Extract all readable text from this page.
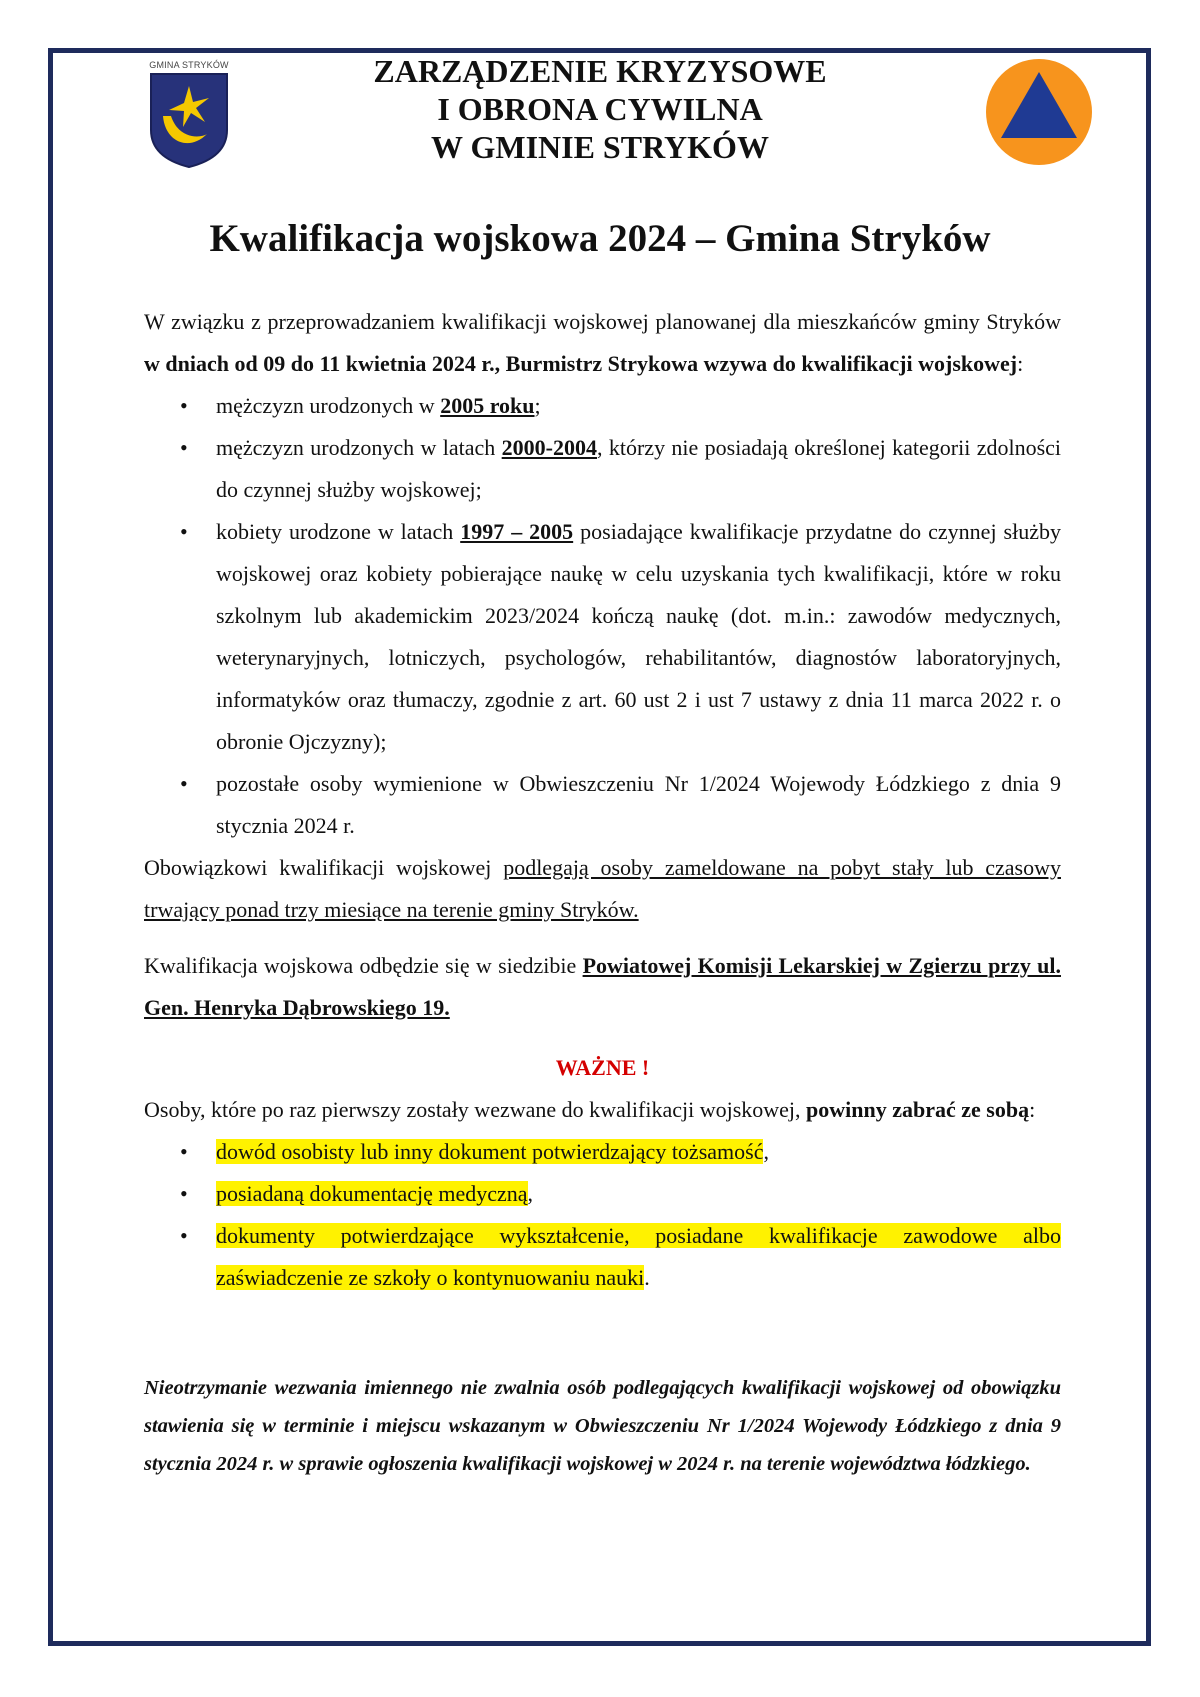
GMINA STRYKÓW	ZARZĄDZENIE KRYZYSOWE
I OBRONA CYWILNA
W GMINIE STRYKÓW
Kwalifikacja wojskowa 2024 – Gmina Stryków

W związku z przeprowadzaniem kwalifikacji wojskowej planowanej dla mieszkańców gminy Stryków w dniach od 09 do 11 kwietnia 2024 r., Burmistrz Strykowa wzywa do kwalifikacji wojskowej:

• mężczyzn urodzonych w 2005 roku;
• mężczyzn urodzonych w latach 2000-2004, którzy nie posiadają określonej kategorii zdolności do czynnej służby wojskowej;
• kobiety urodzone w latach 1997 – 2005 posiadające kwalifikacje przydatne do czynnej służby wojskowej oraz kobiety pobierające naukę w celu uzyskania tych kwalifikacji, które w roku szkolnym lub akademickim 2023/2024 kończą naukę (dot. m.in.: zawodów medycznych, weterynaryjnych, lotniczych, psychologów, rehabilitantów, diagnostów laboratoryjnych, informatyków oraz tłumaczy, zgodnie z art. 60 ust 2 i ust 7 ustawy z dnia 11 marca 2022 r. o obronie Ojczyzny);
• pozostałe osoby wymienione w Obwieszczeniu Nr 1/2024 Wojewody Łódzkiego z dnia 9 stycznia 2024 r.

Obowiązkowi kwalifikacji wojskowej podlegają osoby zameldowane na pobyt stały lub czasowy trwający ponad trzy miesiące na terenie gminy Stryków.

Kwalifikacja wojskowa odbędzie się w siedzibie Powiatowej Komisji Lekarskiej w Zgierzu przy ul. Gen. Henryka Dąbrowskiego 19.

WAŻNE !

Osoby, które po raz pierwszy zostały wezwane do kwalifikacji wojskowej, powinny zabrać ze sobą:

• dowód osobisty lub inny dokument potwierdzający tożsamość,
• posiadaną dokumentację medyczną,
• dokumenty potwierdzające wykształcenie, posiadane kwalifikacje zawodowe albo zaświadczenie ze szkoły o kontynuowaniu nauki.

Nieotrzymanie wezwania imiennego nie zwalnia osób podlegających kwalifikacji wojskowej od obowiązku stawienia się w terminie i miejscu wskazanym w Obwieszczeniu Nr 1/2024 Wojewody Łódzkiego z dnia 9 stycznia 2024 r. w sprawie ogłoszenia kwalifikacji wojskowej w 2024 r. na terenie województwa łódzkiego.
